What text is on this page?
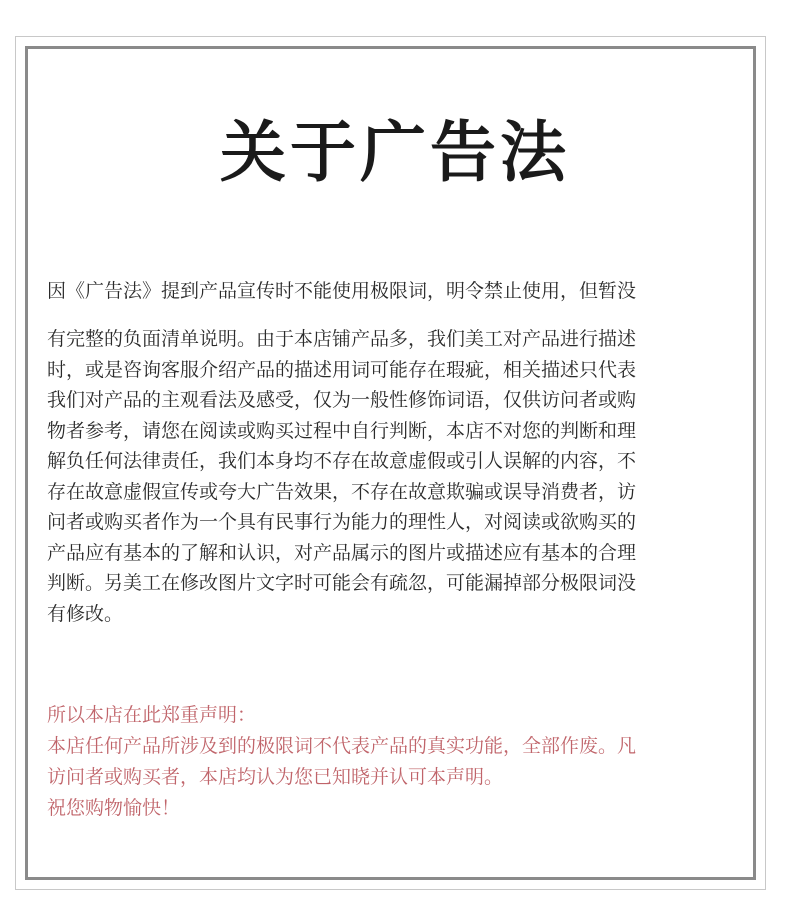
关于广告法

因《广告法》提到产品宣传时不能使用极限词，明令禁止使用，但暂没

有完整的负面清单说明。由于本店铺产品多，我们美工对产品进行描述
时，或是咨询客服介绍产品的描述用词可能存在瑕疵，相关描述只代表
我们对产品的主观看法及感受，仅为一般性修饰词语，仅供访问者或购
物者参考，请您在阅读或购买过程中自行判断，本店不对您的判断和理
解负任何法律责任，我们本身均不存在故意虚假或引人误解的内容，不
存在故意虚假宣传或夸大广告效果，不存在故意欺骗或误导消费者，访
问者或购买者作为一个具有民事行为能力的理性人，对阅读或欲购买的
产品应有基本的了解和认识，对产品属示的图片或描述应有基本的合理
判断。另美工在修改图片文字时可能会有疏忽，可能漏掉部分极限词没
有修改。
所以本店在此郑重声明：
本店任何产品所涉及到的极限词不代表产品的真实功能，全部作废。凡
访问者或购买者，本店均认为您已知晓并认可本声明。
祝您购物愉快！
